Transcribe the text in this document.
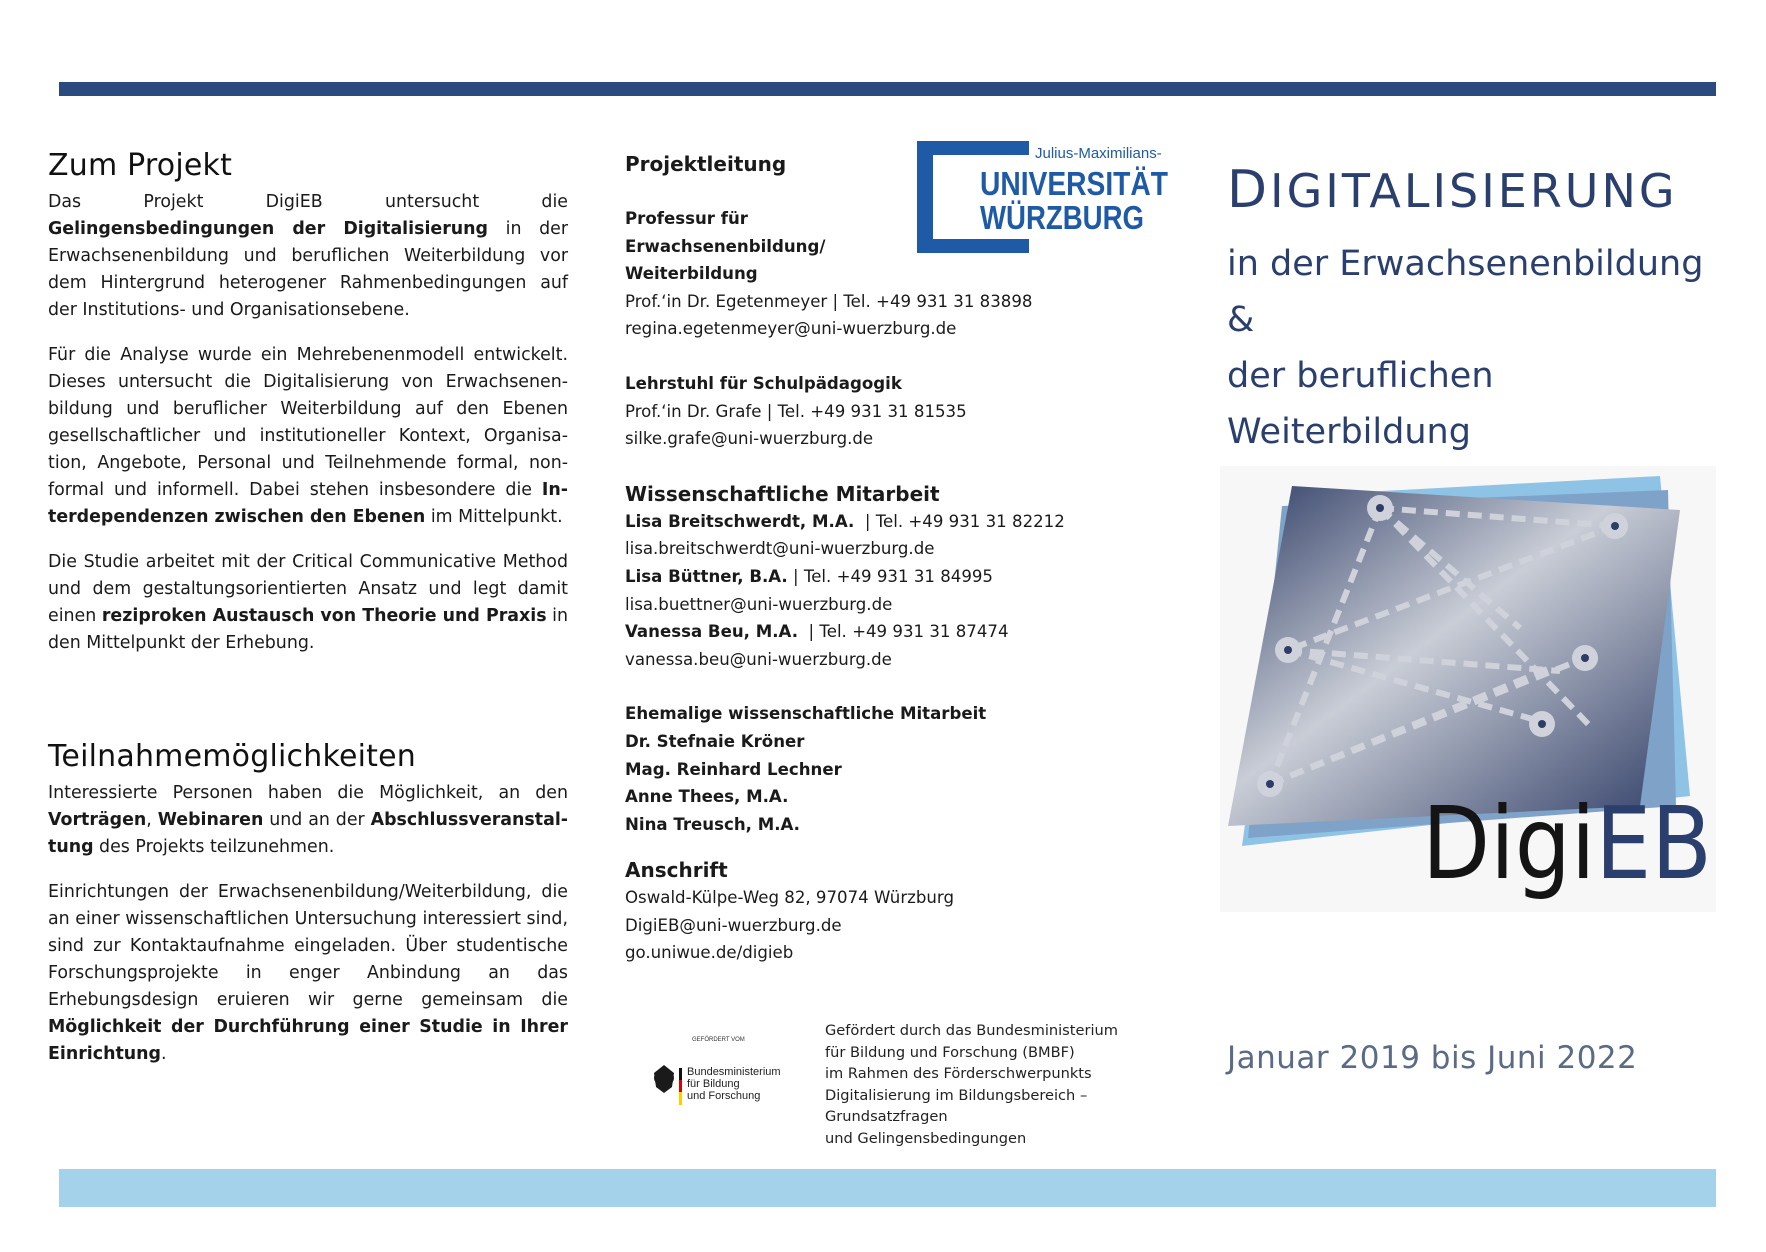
Zum Projekt

Das Projekt DigiEB untersucht die Gelingensbedingungen der Digitalisierung in der Erwachsenenbildung und beruflichen Weiterbildung vor dem Hintergrund heterogener Rahmenbedingungen auf der Institutions- und Organisationsebene.

Für die Analyse wurde ein Mehrebenenmodell entwickelt. Dieses untersucht die Digitalisierung von Erwachsenenbildung und beruflicher Weiterbildung auf den Ebenen gesellschaftlicher und institutioneller Kontext, Organisation, Angebote, Personal und Teilnehmende formal, non-formal und informell. Dabei stehen insbesondere die Interdependenzen zwischen den Ebenen im Mittelpunkt.

Die Studie arbeitet mit der Critical Communicative Method und dem gestaltungsorientierten Ansatz und legt damit einen reziproken Austausch von Theorie und Praxis in den Mittelpunkt der Erhebung.

Teilnahmemöglichkeiten

Interessierte Personen haben die Möglichkeit, an den Vorträgen, Webinaren und an der Abschlussveranstaltung des Projekts teilzunehmen.

Einrichtungen der Erwachsenenbildung/Weiterbildung, die an einer wissenschaftlichen Untersuchung interessiert sind, sind zur Kontaktaufnahme eingeladen. Über studentische Forschungsprojekte in enger Anbindung an das Erhebungsdesign eruieren wir gerne gemeinsam die Möglichkeit der Durchführung einer Studie in Ihrer Einrichtung.

Projektleitung
Professur für
Erwachsenenbildung/
Weiterbildung
Prof.‘in Dr. Egetenmeyer | Tel. +49 931 31 83898
regina.egetenmeyer@uni-wuerzburg.de
Lehrstuhl für Schulpädagogik
Prof.‘in Dr. Grafe | Tel. +49 931 31 81535
silke.grafe@uni-wuerzburg.de
Wissenschaftliche Mitarbeit
Lisa Breitschwerdt, M.A.  | Tel. +49 931 31 82212
lisa.breitschwerdt@uni-wuerzburg.de
Lisa Büttner, B.A. | Tel. +49 931 31 84995
lisa.buettner@uni-wuerzburg.de
Vanessa Beu, M.A.  | Tel. +49 931 31 87474
vanessa.beu@uni-wuerzburg.de
Ehemalige wissenschaftliche Mitarbeit
Dr. Stefnaie Kröner
Mag. Reinhard Lechner
Anne Thees, M.A.
Nina Treusch, M.A.
Anschrift
Oswald-Külpe-Weg 82, 97074 Würzburg
DigiEB@uni-wuerzburg.de
go.uniwue.de/digieb
Julius-Maximilians-
UNIVERSITÄT
WÜRZBURG
GEFÖRDERT VOM
Bundesministerium
für Bildung
und Forschung
Gefördert durch das Bundesministerium
für Bildung und Forschung (BMBF)
im Rahmen des Förderschwerpunkts
Digitalisierung im Bildungsbereich –
Grundsatzfragen
und Gelingensbedingungen
DIGITALISIERUNG
in der Erwachsenenbildung &
der beruflichen Weiterbildung
DigiEB
Januar 2019 bis Juni 2022
